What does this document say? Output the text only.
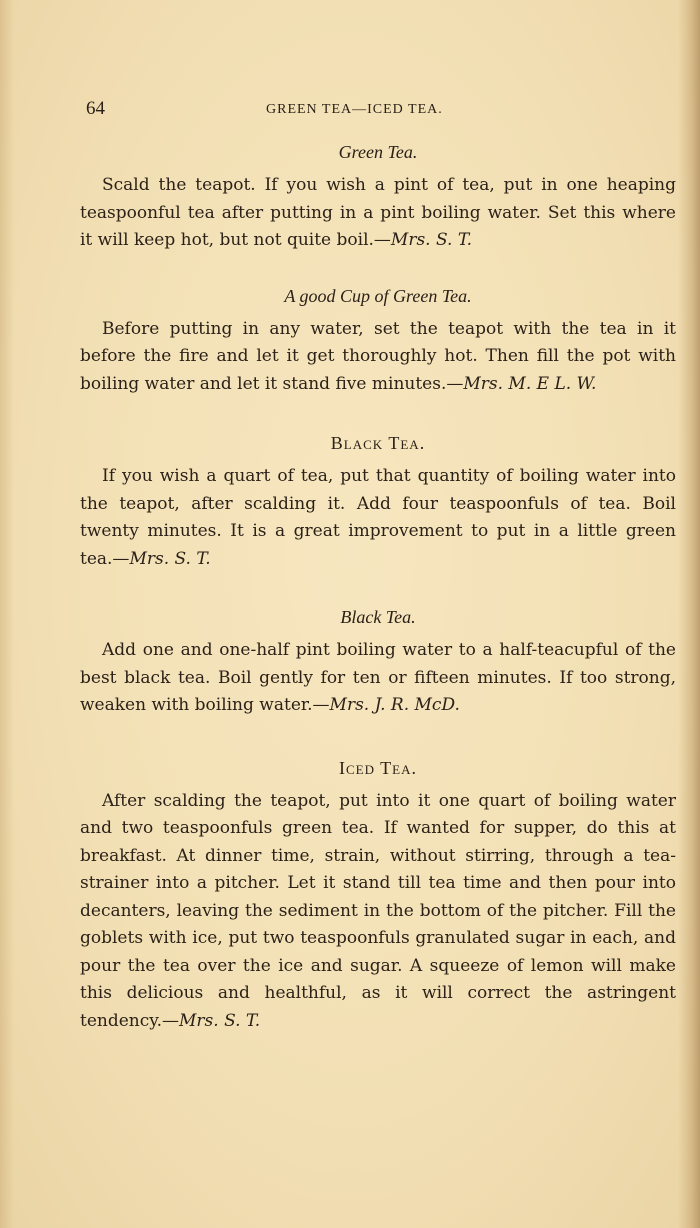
64	GREEN TEA—ICED TEA.
Green Tea.

Scald the teapot. If you wish a pint of tea, put in one heaping teaspoonful tea after putting in a pint boiling water. Set this where it will keep hot, but not quite boil.—Mrs. S. T.

A good Cup of Green Tea.

Before putting in any water, set the teapot with the tea in it before the fire and let it get thoroughly hot. Then fill the pot with boiling water and let it stand five minutes.—Mrs. M. E L. W.

Black Tea.

If you wish a quart of tea, put that quantity of boiling water into the teapot, after scalding it. Add four teaspoonfuls of tea. Boil twenty minutes. It is a great improvement to put in a little green tea.—Mrs. S. T.

Black Tea.

Add one and one-half pint boiling water to a half-teacupful of the best black tea. Boil gently for ten or fifteen minutes. If too strong, weaken with boiling water.—Mrs. J. R. McD.

Iced Tea.

After scalding the teapot, put into it one quart of boiling water and two teaspoonfuls green tea. If wanted for supper, do this at breakfast. At dinner time, strain, without stirring, through a tea-strainer into a pitcher. Let it stand till tea time and then pour into decanters, leaving the sediment in the bottom of the pitcher. Fill the goblets with ice, put two teaspoonfuls granulated sugar in each, and pour the tea over the ice and sugar. A squeeze of lemon will make this delicious and healthful, as it will correct the astringent tendency.—Mrs. S. T.
